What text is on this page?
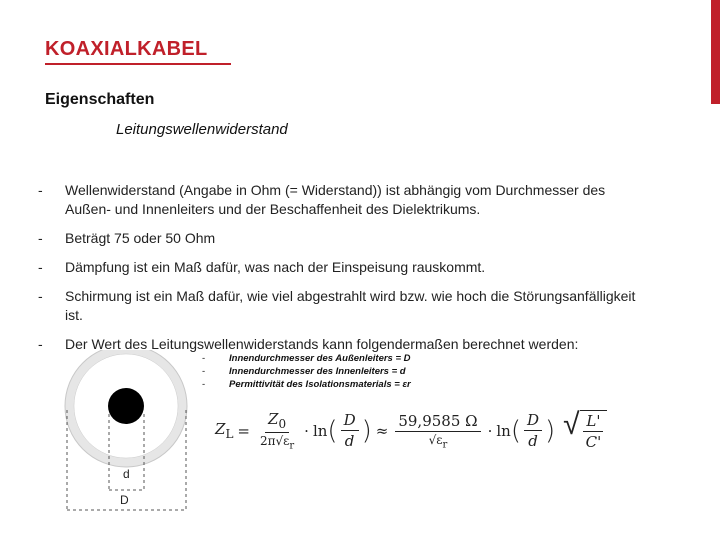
KOAXIALKABEL
Eigenschaften
Leitungswellenwiderstand
- Wellenwiderstand (Angabe in Ohm (= Widerstand)) ist abhängig vom Durchmesser des Außen- und Innenleiters und der Beschaffenheit des Dielektrikums.
- Beträgt 75 oder 50 Ohm
- Dämpfung ist ein Maß dafür, was nach der Einspeisung rauskommt.
- Schirmung ist ein Maß dafür, wie viel abgestrahlt wird bzw. wie hoch die Störungsanfälligkeit ist.
- Der Wert des Leitungswellenwiderstands kann folgendermaßen berechnet werden:
-	Innendurchmesser des Außenleiters = D
-	Innendurchmesser des Innenleiters = d
-	Permittivität des Isolationsmaterials = εr
d
D
$Z_L = \frac{Z_0}{2\pi√\varepsilon_r} \cdot \ln$ ( $\frac{D}{d}$ ) ≈ $\frac{59,9585 \Omega}{√\varepsilon_r} \cdot \ln$ ( $\frac{D}{d}$ ) √ $\frac{L'}{C'}$
